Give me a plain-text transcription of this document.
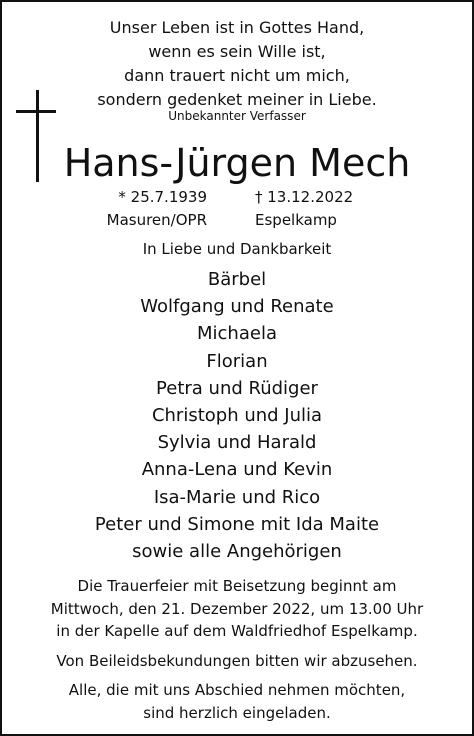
Unser Leben ist in Gottes Hand,
wenn es sein Wille ist,
dann trauert nicht um mich,
sondern gedenket meiner in Liebe.
Unbekannter Verfasser
Hans-Jürgen Mech
* 25.7.1939
Masuren/OPR
† 13.12.2022
Espelkamp
In Liebe und Dankbarkeit
Bärbel
Wolfgang und Renate
Michaela
Florian
Petra und Rüdiger
Christoph und Julia
Sylvia und Harald
Anna-Lena und Kevin
Isa-Marie und Rico
Peter und Simone mit Ida Maite
sowie alle Angehörigen
Die Trauerfeier mit Beisetzung beginnt am
Mittwoch, den 21. Dezember 2022, um 13.00 Uhr
in der Kapelle auf dem Waldfriedhof Espelkamp.
Von Beileidsbekundungen bitten wir abzusehen.
Alle, die mit uns Abschied nehmen möchten,
sind herzlich eingeladen.
